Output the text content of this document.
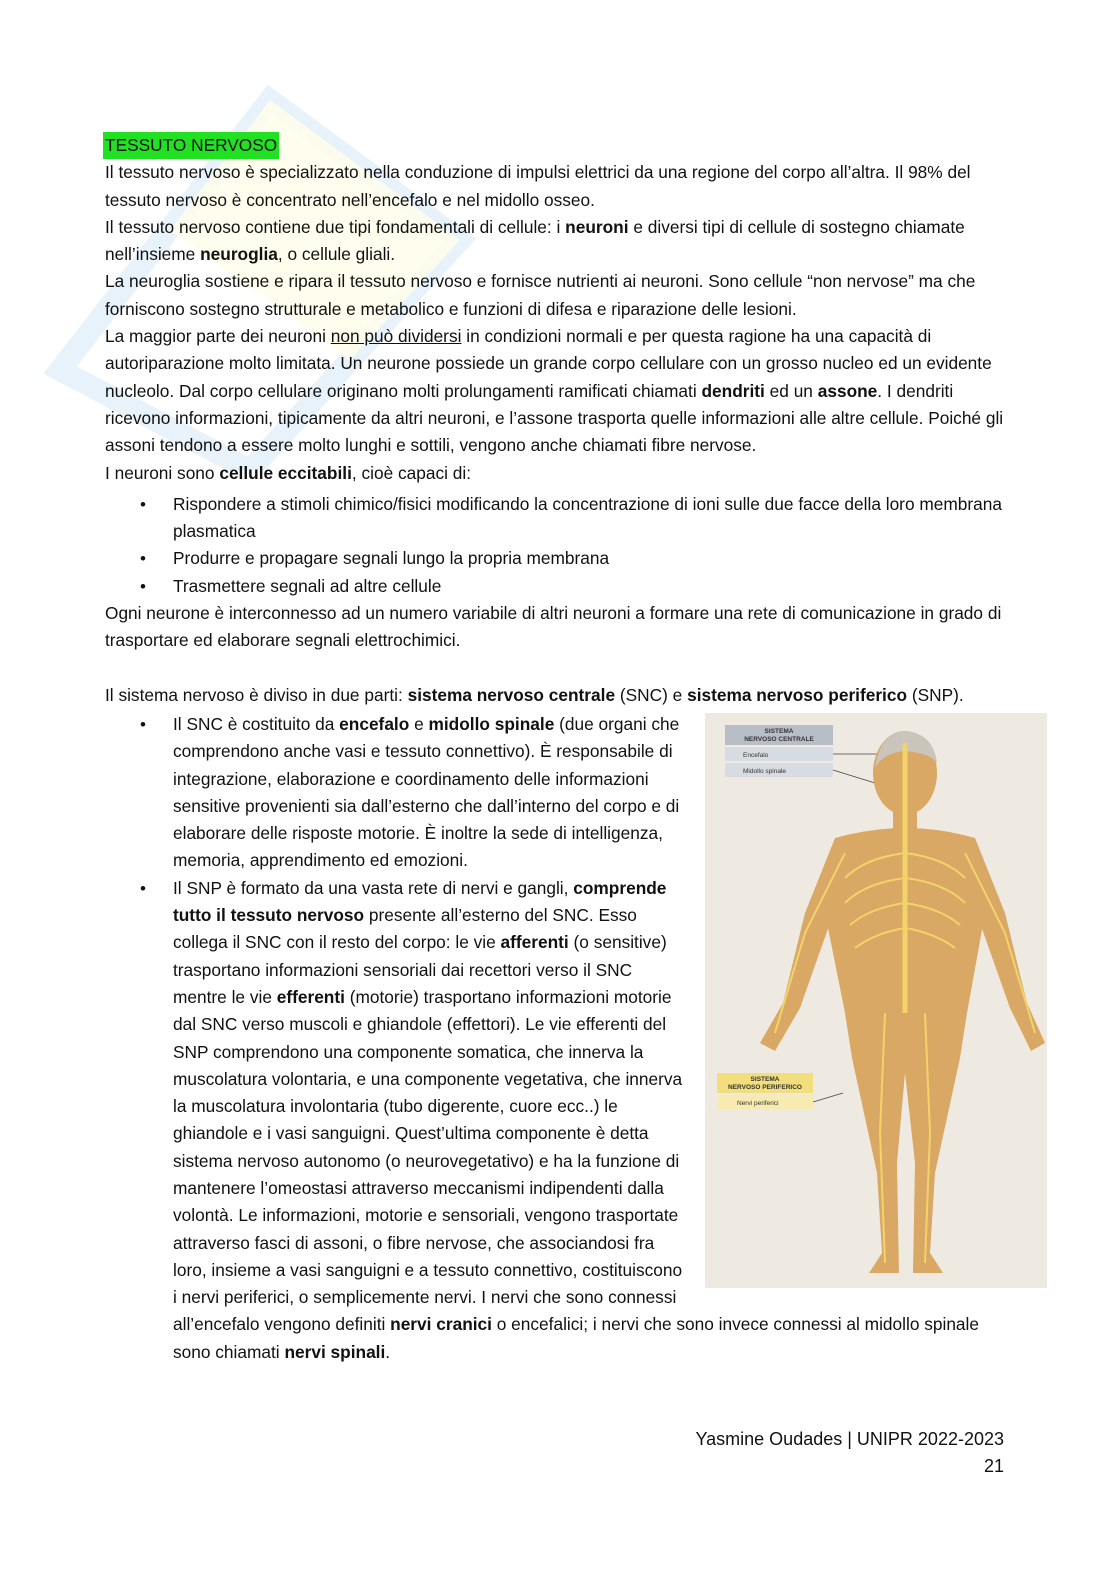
TESSUTO NERVOSO

Il tessuto nervoso è specializzato nella conduzione di impulsi elettrici da una regione del corpo all’altra. Il 98% del tessuto nervoso è concentrato nell’encefalo e nel midollo osseo.

Il tessuto nervoso contiene due tipi fondamentali di cellule: i neuroni e diversi tipi di cellule di sostegno chiamate nell’insieme neuroglia, o cellule gliali.

La neuroglia sostiene e ripara il tessuto nervoso e fornisce nutrienti ai neuroni. Sono cellule “non nervose” ma che forniscono sostegno strutturale e metabolico e funzioni di difesa e riparazione delle lesioni.

La maggior parte dei neuroni non può dividersi in condizioni normali e per questa ragione ha una capacità di autoriparazione molto limitata. Un neurone possiede un grande corpo cellulare con un grosso nucleo ed un evidente nucleolo. Dal corpo cellulare originano molti prolungamenti ramificati chiamati dendriti ed un assone. I dendriti ricevono informazioni, tipicamente da altri neuroni, e l’assone trasporta quelle informazioni alle altre cellule. Poiché gli assoni tendono a essere molto lunghi e sottili, vengono anche chiamati fibre nervose.

I neuroni sono cellule eccitabili, cioè capaci di:

• Rispondere a stimoli chimico/fisici modificando la concentrazione di ioni sulle due facce della loro membrana plasmatica
• Produrre e propagare segnali lungo la propria membrana
• Trasmettere segnali ad altre cellule

Ogni neurone è interconnesso ad un numero variabile di altri neuroni a formare una rete di comunicazione in grado di trasportare ed elaborare segnali elettrochimici.

Il sistema nervoso è diviso in due parti: sistema nervoso centrale (SNC) e sistema nervoso periferico (SNP).

SISTEMA
NERVOSO CENTRALE
Encefalo
Midollo spinale
SISTEMA
NERVOSO PERIFERICO
Nervi periferici
• Il SNC è costituito da encefalo e midollo spinale (due organi che comprendono anche vasi e tessuto connettivo). È responsabile di integrazione, elaborazione e coordinamento delle informazioni sensitive provenienti sia dall’esterno che dall’interno del corpo e di elaborare delle risposte motorie. È inoltre la sede di intelligenza, memoria, apprendimento ed emozioni.
• Il SNP è formato da una vasta rete di nervi e gangli, comprende tutto il tessuto nervoso presente all’esterno del SNC. Esso collega il SNC con il resto del corpo: le vie afferenti (o sensitive) trasportano informazioni sensoriali dai recettori verso il SNC mentre le vie efferenti (motorie) trasportano informazioni motorie dal SNC verso muscoli e ghiandole (effettori). Le vie efferenti del SNP comprendono una componente somatica, che innerva la muscolatura volontaria, e una componente vegetativa, che innerva la muscolatura involontaria (tubo digerente, cuore ecc..) le ghiandole e i vasi sanguigni. Quest’ultima componente è detta sistema nervoso autonomo (o neurovegetativo) e ha la funzione di mantenere l’omeostasi attraverso meccanismi indipendenti dalla volontà. Le informazioni, motorie e sensoriali, vengono trasportate attraverso fasci di assoni, o fibre nervose, che associandosi fra loro, insieme a vasi sanguigni e a tessuto connettivo, costituiscono i nervi periferici, o semplicemente nervi. I nervi che sono connessi all’encefalo vengono definiti nervi cranici o encefalici; i nervi che sono invece connessi al midollo spinale sono chiamati nervi spinali.
Yasmine Oudades | UNIPR 2022-2023
21
